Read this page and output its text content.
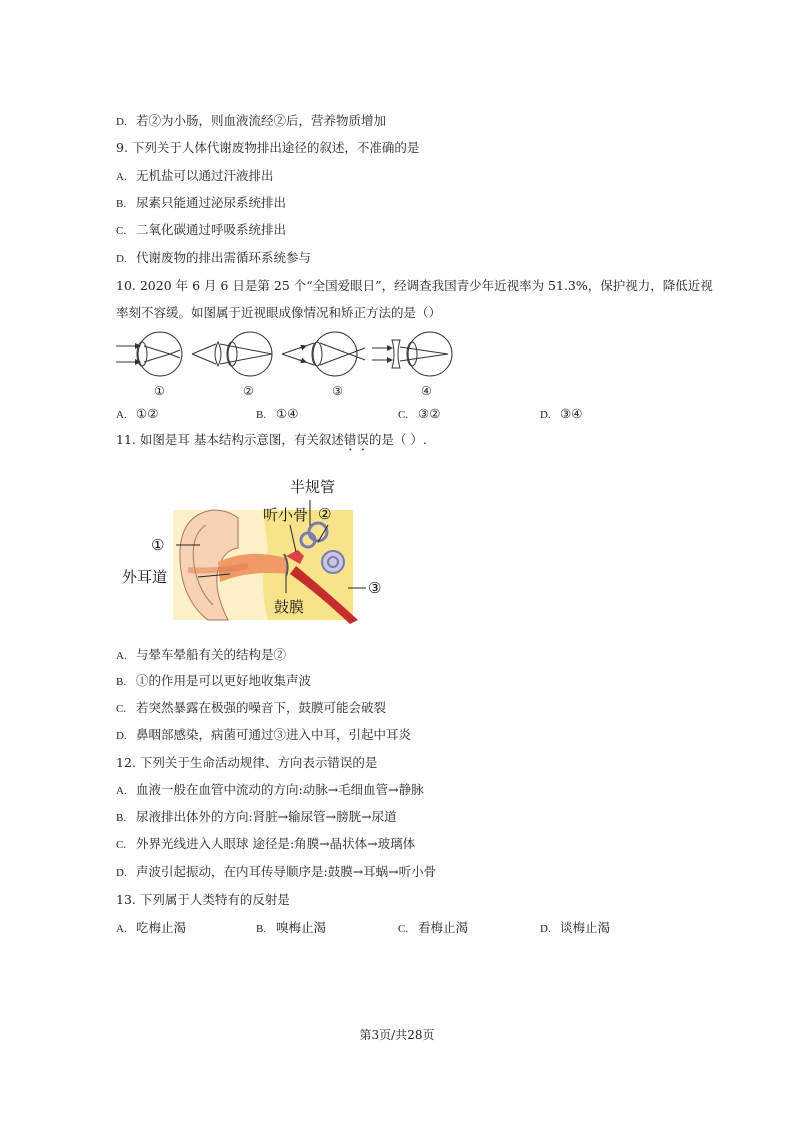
D. 若②为小肠，则血液流经②后，营养物质增加
9. 下列关于人体代谢废物排出途径的叙述，不准确的是
A. 无机盐可以通过汗液排出
B. 尿素只能通过泌尿系统排出
C. 二氧化碳通过呼吸系统排出
D. 代谢废物的排出需循环系统参与
10. 2020 年 6 月 6 日是第 25 个“全国爱眼日”，经调查我国青少年近视率为 51.3%，保护视力，降低近视
率刻不容缓。如图属于近视眼成像情况和矫正方法的是（）
①	②	③	④
A. ①②	B. ①④	C. ③②	D. ③④
11. 如图是耳 基本结构示意图，有关叙述错误的是（ ）.
半规管
听小骨 ②
①
外耳道
③
鼓膜
A. 与晕车晕船有关的结构是②
B. ①的作用是可以更好地收集声波
C. 若突然暴露在极强的噪音下，鼓膜可能会破裂
D. 鼻咽部感染，病菌可通过③进入中耳，引起中耳炎
12. 下列关于生命活动规律、方向表示错误的是
A. 血液一般在血管中流动的方向:动脉→毛细血管→静脉
B. 尿液排出体外的方向:肾脏→输尿管→膀胱→尿道
C. 外界光线进入人眼球 途径是:角膜→晶状体→玻璃体
D. 声波引起振动，在内耳传导顺序是:鼓膜→耳蜗→听小骨
13. 下列属于人类特有的反射是
A. 吃梅止渴	B. 嗅梅止渴	C. 看梅止渴	D. 谈梅止渴
第3页/共28页
